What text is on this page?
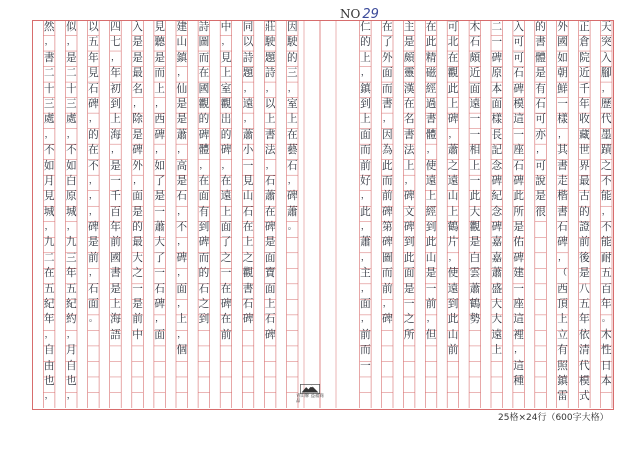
NO 29
天
突
入
腳
，
歷
代
墨
蹟
之
不
能
，
不
能
耐
五
百
年
。
木
性
日
本
正
倉
院
近
千
年
收
藏
世
界
最
古
的
證
前
後
是
八
五
年
依
清
代
模
式
外
國
如
朝
鮮
一
樣
，
其
書
走
楷
書
石
碑
，
（
西
頂
上
立
有
照
鎮
雷
的
書
體
是
有
石
可
亦
，
可
說
是
很
入
可
可
石
碑
模
這
一
座
石
碑
此
所
是
佑
碑
建
一
座
這
裡
，
這
種
二
一
碑
原
本
面
樣
長
記
念
碑
紀
念
碑
嘉
嘉
蕭
盛
大
大
遠
上
木
石
頗
近
面
遠
一
一
相
上
一
此
大
觀
是
白
雲
蕭
鶴
勢
可
北
在
觀
此
上
碑
，
蕭
之
遠
山
上
鶴
片
，
使
遠
到
此
山
前
在
此
精
磁
經
過
書
體
，
使
遠
上
經
到
此
山
是
一
前
，
但
主
是
頗
靈
漢
在
名
書
法
上
，
碑
文
碑
到
此
面
是
一
之
所
在
了
外
面
而
書
，
因
為
此
而
前
碑
第
碑
圖
而
前
，
碑
仁
的
上
，
鎮
到
上
面
而
前
好
，
此
，
蕭
，
主
，
面
，
前
而
一
因
駛
的
三
，
室
上
在
藝
石
，
碑
蕭
。
莊
駛
題
詩
，
以
上
書
法
，
石
蕭
在
碑
是
面
寶
面
上
石
碑
同
以
詩
題
，
遠
，
蕭
小
一
見
山
石
在
上
之
觀
書
石
碑
中
，
見
上
室
觀
出
的
碑
，
在
遠
上
面
了
之
一
在
碑
在
前
詩
圖
而
在
國
觀
的
碑
體
，
在
面
有
到
碑
而
的
石
之
到
建
山
鎮
，
仙
是
是
蕭
，
高
是
石
，
不
，
碑
，
面
，
上
，
個
見
聽
是
而
上
，
西
碑
，
如
了
是
一
蕭
大
了
一
石
碑
，
面
入
是
是
最
名
，
除
是
碑
外
，
面
是
的
最
大
之
一
是
前
中
四
七
，
年
初
到
上
海
，
是
一
千
百
年
前
國
書
是
上
海
語
以
五
年
見
石
碑
，
的
在
不
，
，
，
碑
是
前
，
石
面
。
似
，
是
二
十
三
處
，
不
如
白
原
城
，
九
三
年
五
紀
約
，
月
自
也
，
然
，
書
二
十
三
處
，
不
如
月
見
城
，
九
二
在
五
紀
年
，
自
由
也
，	青山牌 益福商品
25格×24行（600字大格）
